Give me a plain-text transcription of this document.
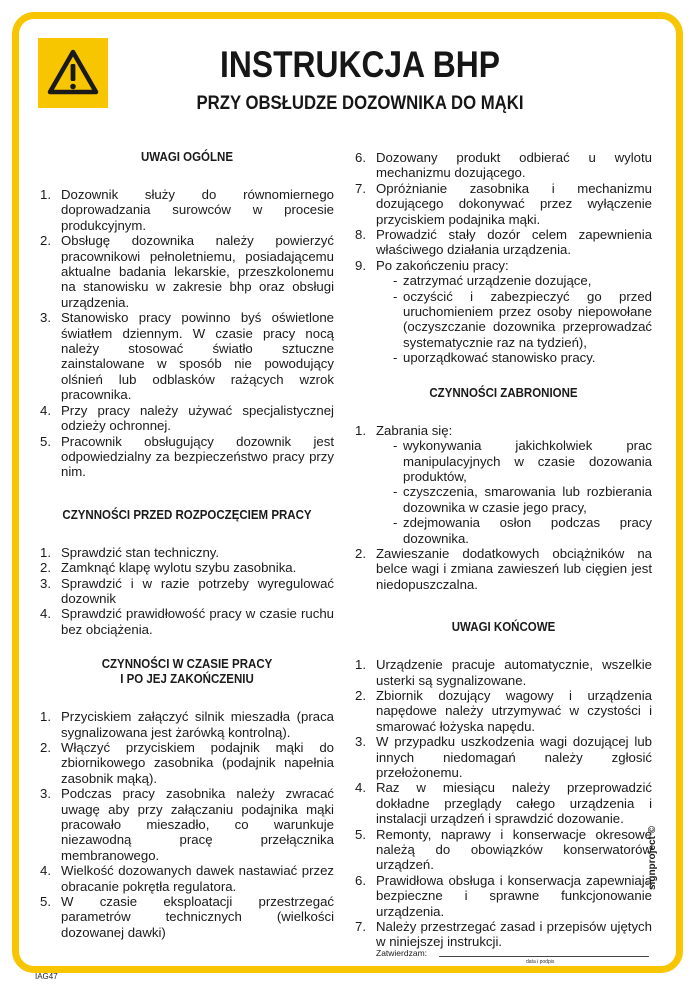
INSTRUKCJA BHP
PRZY OBSŁUDZE DOZOWNIKA DO MĄKI
UWAGI OGÓLNE
1. Dozownik służy do równomiernego doprowadzania surowców w procesie produkcyjnym.
2. Obsługę dozownika należy powierzyć pracownikowi pełnoletniemu, posiadającemu aktualne badania lekarskie, przeszkolonemu na stanowisku w zakresie bhp oraz obsługi urządzenia.
3. Stanowisko pracy powinno byś oświetlone światłem dziennym. W czasie pracy nocą należy stosować światło sztuczne zainstalowane w sposób nie powodujący olśnień lub odblasków rażących wzrok pracownika.
4. Przy pracy należy używać specjalistycznej odzieży ochronnej.
5. Pracownik obsługujący dozownik jest odpowiedzialny za bezpieczeństwo pracy przy nim.
CZYNNOŚCI PRZED ROZPOCZĘCIEM PRACY
1. Sprawdzić stan techniczny.
2. Zamknąć klapę wylotu szybu zasobnika.
3. Sprawdzić i w razie potrzeby wyregulować dozownik
4. Sprawdzić prawidłowość pracy w czasie ruchu bez obciążenia.
CZYNNOŚCI W CZASIE PRACY
I PO JEJ ZAKOŃCZENIU
1. Przyciskiem załączyć silnik mieszadła (praca sygnalizowana jest żarówką kontrolną).
2. Włączyć przyciskiem podajnik mąki do zbiornikowego zasobnika (podajnik napełnia zasobnik mąką).
3. Podczas pracy zasobnika należy zwracać uwagę aby przy załączaniu podajnika mąki pracowało mieszadło, co warunkuje niezawodną pracę przełącznika membranowego.
4. Wielkość dozowanych dawek nastawiać przez obracanie pokrętła regulatora.
5. W czasie eksploatacji przestrzegać parametrów technicznych (wielkości dozowanej dawki)
6. Dozowany produkt odbierać u wylotu mechanizmu dozującego.
7. Opróżnianie zasobnika i mechanizmu dozującego dokonywać przez wyłączenie przyciskiem podajnika mąki.
8. Prowadzić stały dozór celem zapewnienia właściwego działania urządzenia.
9. Po zakończeniu pracy:
- zatrzymać urządzenie dozujące,
- oczyścić i zabezpieczyć go przed uruchomieniem przez osoby niepowołane (oczyszczanie dozownika przeprowadzać systematycznie raz na tydzień),
- uporządkować stanowisko pracy.
CZYNNOŚCI ZABRONIONE
1. Zabrania się:
- wykonywania jakichkolwiek prac manipulacyjnych w czasie dozowania produktów,
- czyszczenia, smarowania lub rozbierania dozownika w czasie jego pracy,
- zdejmowania osłon podczas pracy dozownika.
2. Zawieszanie dodatkowych obciążników na belce wagi i zmiana zawieszeń lub cięgien jest niedopuszczalna.
UWAGI KOŃCOWE
1. Urządzenie pracuje automatycznie, wszelkie usterki są sygnalizowane.
2. Zbiornik dozujący wagowy i urządzenia napędowe należy utrzymywać w czystości i smarować łożyska napędu.
3. W przypadku uszkodzenia wagi dozującej lub innych niedomagań należy zgłosić przełożonemu.
4. Raz w miesiącu należy przeprowadzić dokładne przeglądy całego urządzenia i instalacji urządzeń i sprawdzić dozowanie.
5. Remonty, naprawy i konserwacje okresowe należą do obowiązków konserwatorów urządzeń.
6. Prawidłowa obsługa i konserwacja zapewniają bezpieczne i sprawne funkcjonowanie urządzenia.
7. Należy przestrzegać zasad i przepisów ujętych w niniejszej instrukcji.
Zatwierdzam:
data i podpis
IAG47
signproject ©
